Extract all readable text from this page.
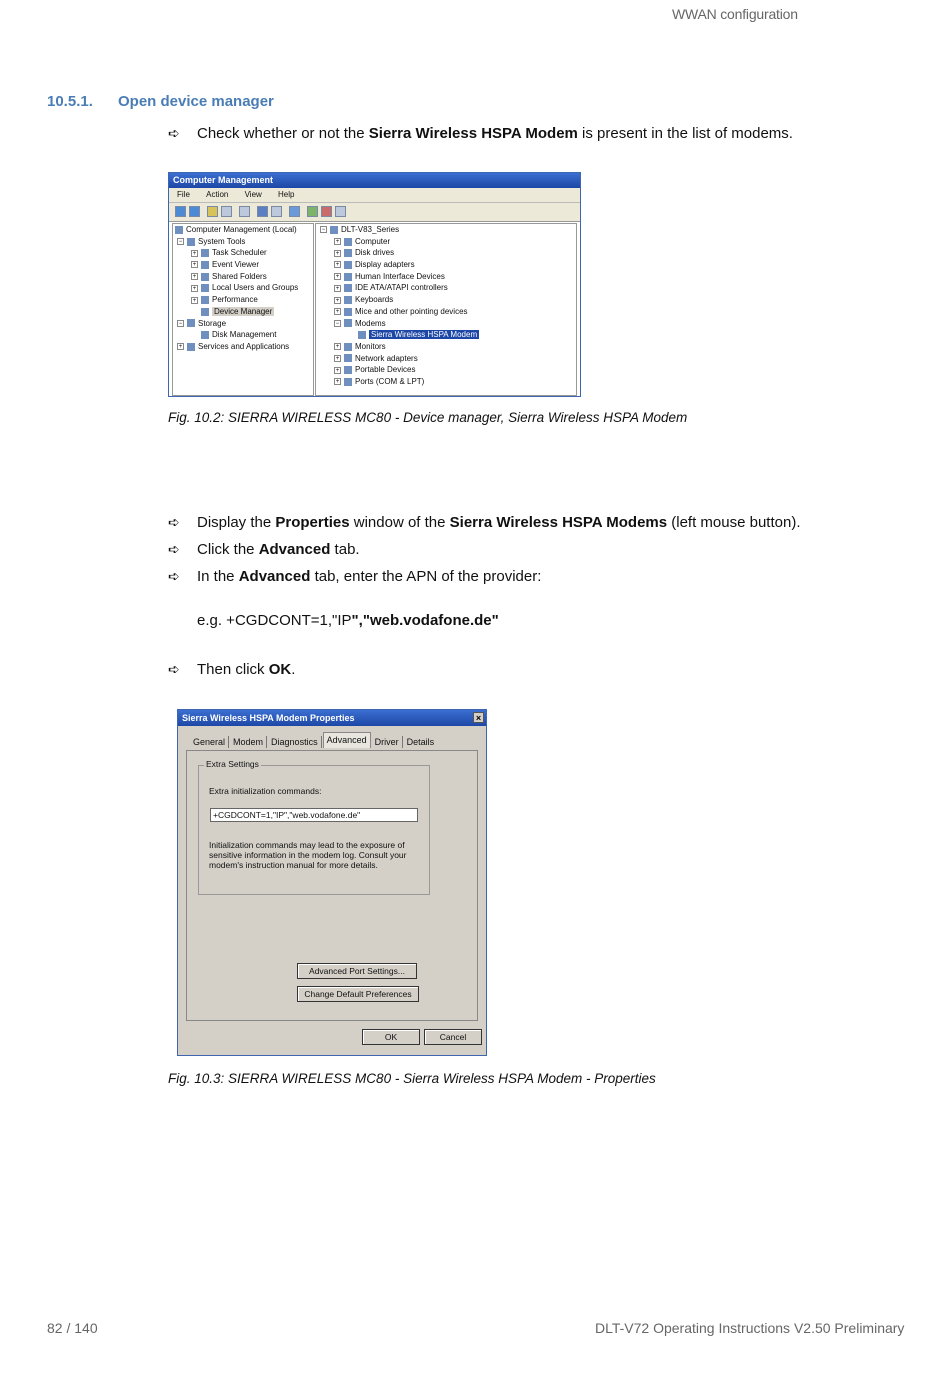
WWAN configuration
10.5.1. Open device manager
➪ Check whether or not the Sierra Wireless HSPA Modem is present in the list of modems.
Computer Management
File Action View Help
Computer Management (Local)
− System Tools
+ Task Scheduler
+ Event Viewer
+ Shared Folders
+ Local Users and Groups
+ Performance
Device Manager
− Storage
Disk Management
+ Services and Applications
− DLT-V83_Series
+ Computer
+ Disk drives
+ Display adapters
+ Human Interface Devices
+ IDE ATA/ATAPI controllers
+ Keyboards
+ Mice and other pointing devices
− Modems
Sierra Wireless HSPA Modem
+ Monitors
+ Network adapters
+ Portable Devices
+ Ports (COM & LPT)
Fig. 10.2: SIERRA WIRELESS MC80 - Device manager, Sierra Wireless HSPA Modem
➪ Display the Properties window of the Sierra Wireless HSPA Modems (left mouse button).
➪ Click the Advanced tab.
➪ In the Advanced tab, enter the APN of the provider:
e.g. +CGDCONT=1,"IP","web.vodafone.de"
➪ Then click OK.
Sierra Wireless HSPA Modem Properties	×
General Modem Diagnostics Advanced Driver Details
Extra Settings
Extra initialization commands:
+CGDCONT=1,"IP","web.vodafone.de"
Initialization commands may lead to the exposure of sensitive information in the modem log. Consult your modem's instruction manual for more details.
Advanced Port Settings...
Change Default Preferences
OK	Cancel
Fig. 10.3: SIERRA WIRELESS MC80 - Sierra Wireless HSPA Modem - Properties
82 / 140	DLT-V72 Operating Instructions V2.50 Preliminary
